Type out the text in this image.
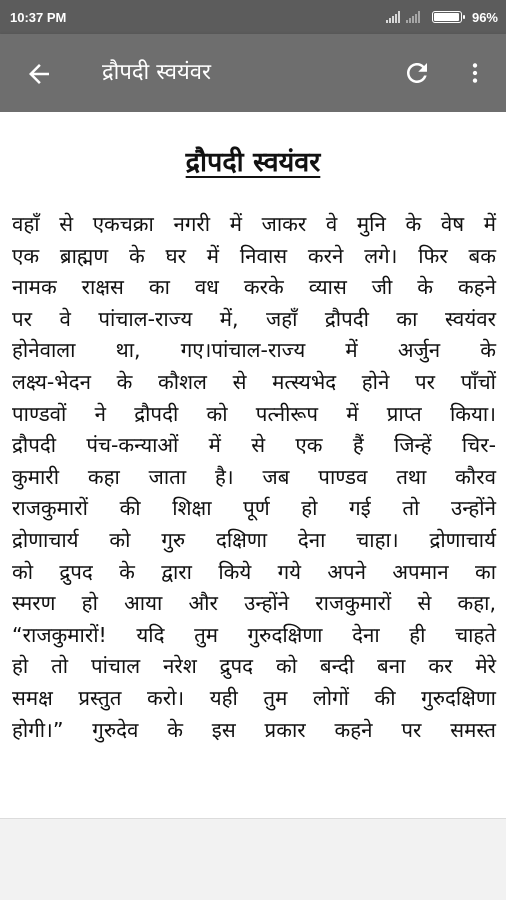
10:37 PM	96%
द्रौपदी स्वयंवर
द्रौपदी स्वयंवर
वहाँ से एकचक्रा नगरी में जाकर वे मुनि के वेष में
एक ब्राह्मण के घर में निवास करने लगे। फिर बक
नामक राक्षस का वध करके व्यास जी के कहने
पर वे पांचाल-राज्य में, जहाँ द्रौपदी का स्वयंवर
होनेवाला था, गए।पांचाल-राज्य में अर्जुन के
लक्ष्य-भेदन के कौशल से मत्स्यभेद होने पर पाँचों
पाण्डवों ने द्रौपदी को पत्नीरूप में प्राप्त किया।
द्रौपदी पंच-कन्याओं में से एक हैं जिन्हें चिर-
कुमारी कहा जाता है। जब पाण्डव तथा कौरव
राजकुमारों की शिक्षा पूर्ण हो गई तो उन्होंने
द्रोणाचार्य को गुरु दक्षिणा देना चाहा। द्रोणाचार्य
को द्रुपद के द्वारा किये गये अपने अपमान का
स्मरण हो आया और उन्होंने राजकुमारों से कहा,
“राजकुमारों! यदि तुम गुरुदक्षिणा देना ही चाहते
हो तो पांचाल नरेश द्रुपद को बन्दी बना कर मेरे
समक्ष प्रस्तुत करो। यही तुम लोगों की गुरुदक्षिणा
होगी।” गुरुदेव के इस प्रकार कहने पर समस्त
